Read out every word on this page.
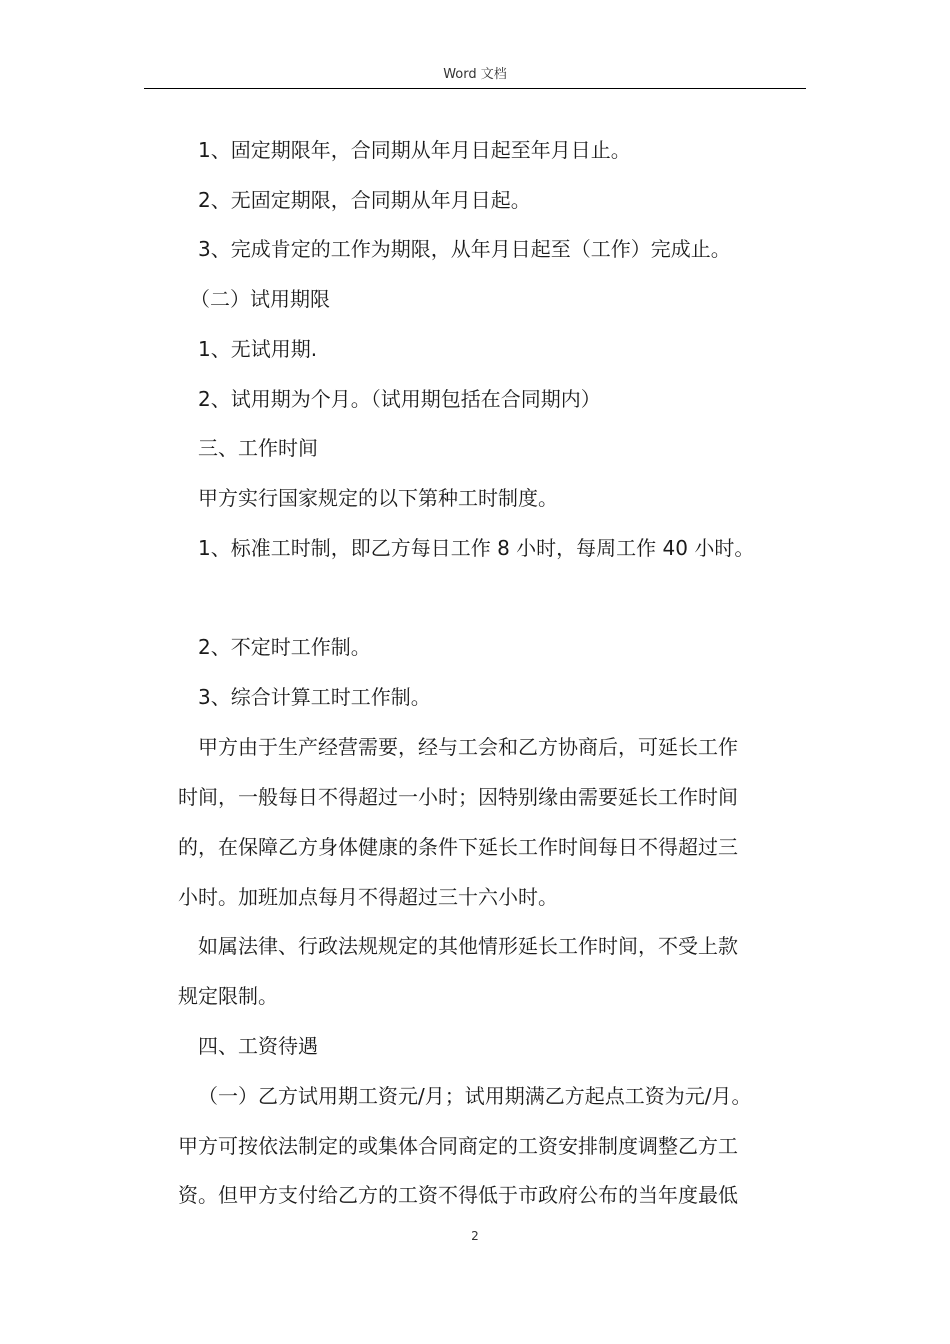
Word 文档
1、固定期限年，合同期从年月日起至年月日止。
2、无固定期限，合同期从年月日起。
3、完成肯定的工作为期限，从年月日起至（工作）完成止。
（二）试用期限
1、无试用期.
2、试用期为个月。（试用期包括在合同期内）
三、工作时间
甲方实行国家规定的以下第种工时制度。
1、标准工时制，即乙方每日工作 8 小时，每周工作 40 小时。
2、不定时工作制。
3、综合计算工时工作制。
甲方由于生产经营需要，经与工会和乙方协商后，可延长工作
时间，一般每日不得超过一小时；因特别缘由需要延长工作时间
的，在保障乙方身体健康的条件下延长工作时间每日不得超过三
小时。加班加点每月不得超过三十六小时。
如属法律、行政法规规定的其他情形延长工作时间，不受上款
规定限制。
四、工资待遇
（一）乙方试用期工资元/月；试用期满乙方起点工资为元/月。
甲方可按依法制定的或集体合同商定的工资安排制度调整乙方工
资。但甲方支付给乙方的工资不得低于市政府公布的当年度最低
2
